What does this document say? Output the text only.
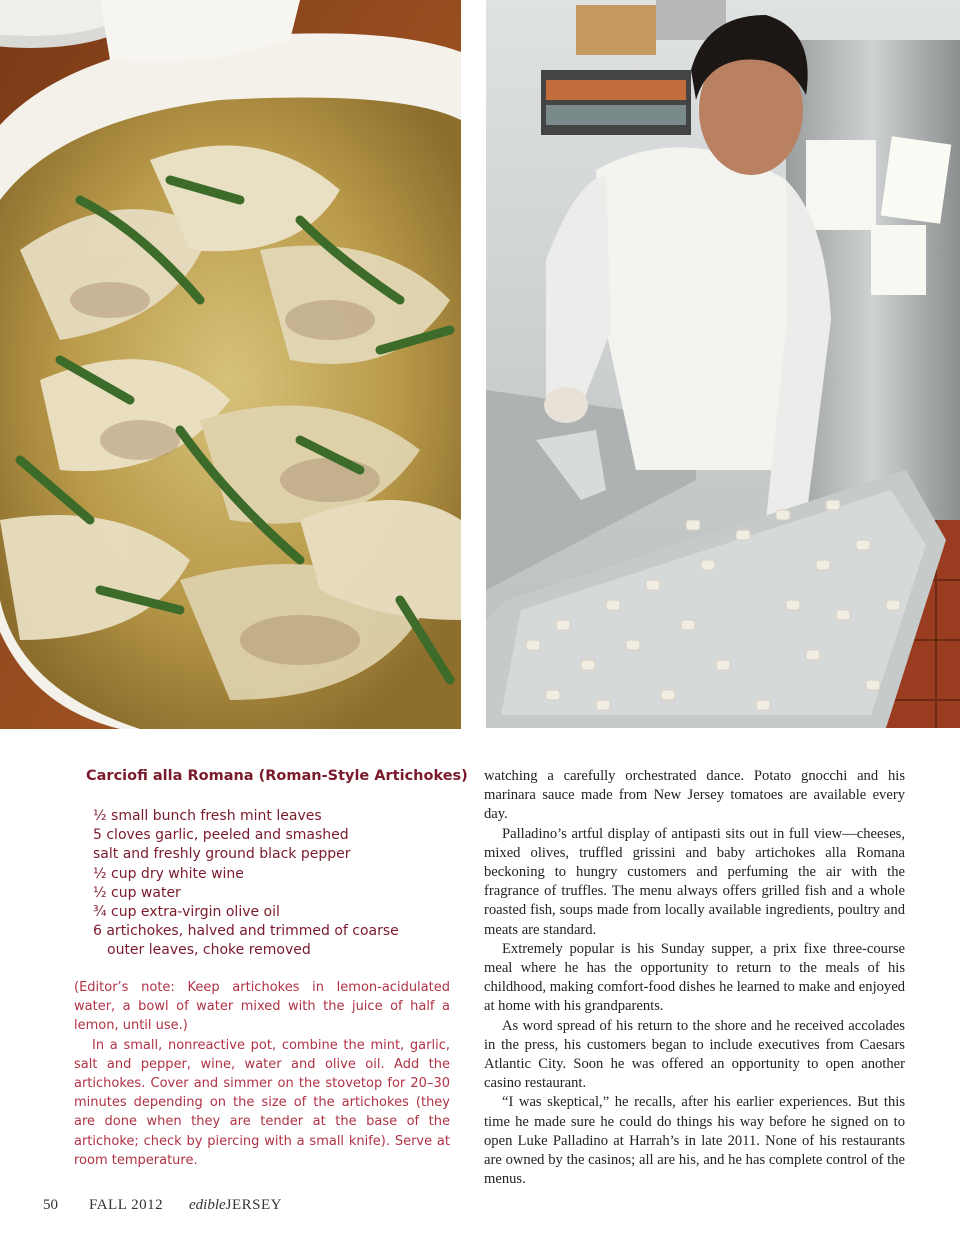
Carciofi alla Romana (Roman-Style Artichokes)
½ small bunch fresh mint leaves
5 cloves garlic, peeled and smashed
salt and freshly ground black pepper
½ cup dry white wine
½ cup water
¾ cup extra-virgin olive oil
6 artichokes, halved and trimmed of coarse
outer leaves, choke removed

(Editor’s note: Keep artichokes in lemon-acidulated water, a bowl of water mixed with the juice of half a lemon, until use.)

In a small, nonreactive pot, combine the mint, garlic, salt and pepper, wine, water and olive oil. Add the artichokes. Cover and simmer on the stovetop for 20–30 minutes depending on the size of the artichokes (they are done when they are tender at the base of the artichoke; check by piercing with a small knife). Serve at room temperature.

watching a carefully orchestrated dance. Potato gnocchi and his marinara sauce made from New Jersey tomatoes are available every day.

Palladino’s artful display of antipasti sits out in full view—cheeses, mixed olives, truffled grissini and baby artichokes alla Romana beckoning to hungry customers and perfuming the air with the fragrance of truffles. The menu always offers grilled fish and a whole roasted fish, soups made from locally available ingredients, poultry and meats are standard.

Extremely popular is his Sunday supper, a prix fixe three-course meal where he has the opportunity to return to the meals of his childhood, making comfort-food dishes he learned to make and enjoyed at home with his grandparents.

As word spread of his return to the shore and he received accolades in the press, his customers began to include executives from Caesars Atlantic City. Soon he was offered an opportunity to open another casino restaurant.

“I was skeptical,” he recalls, after his earlier experiences. But this time he made sure he could do things his way before he signed on to open Luke Palladino at Harrah’s in late 2011. None of his restaurants are owned by the casinos; all are his, and he has complete control of the menus.

50 FALL 2012 edibleJERSEY
